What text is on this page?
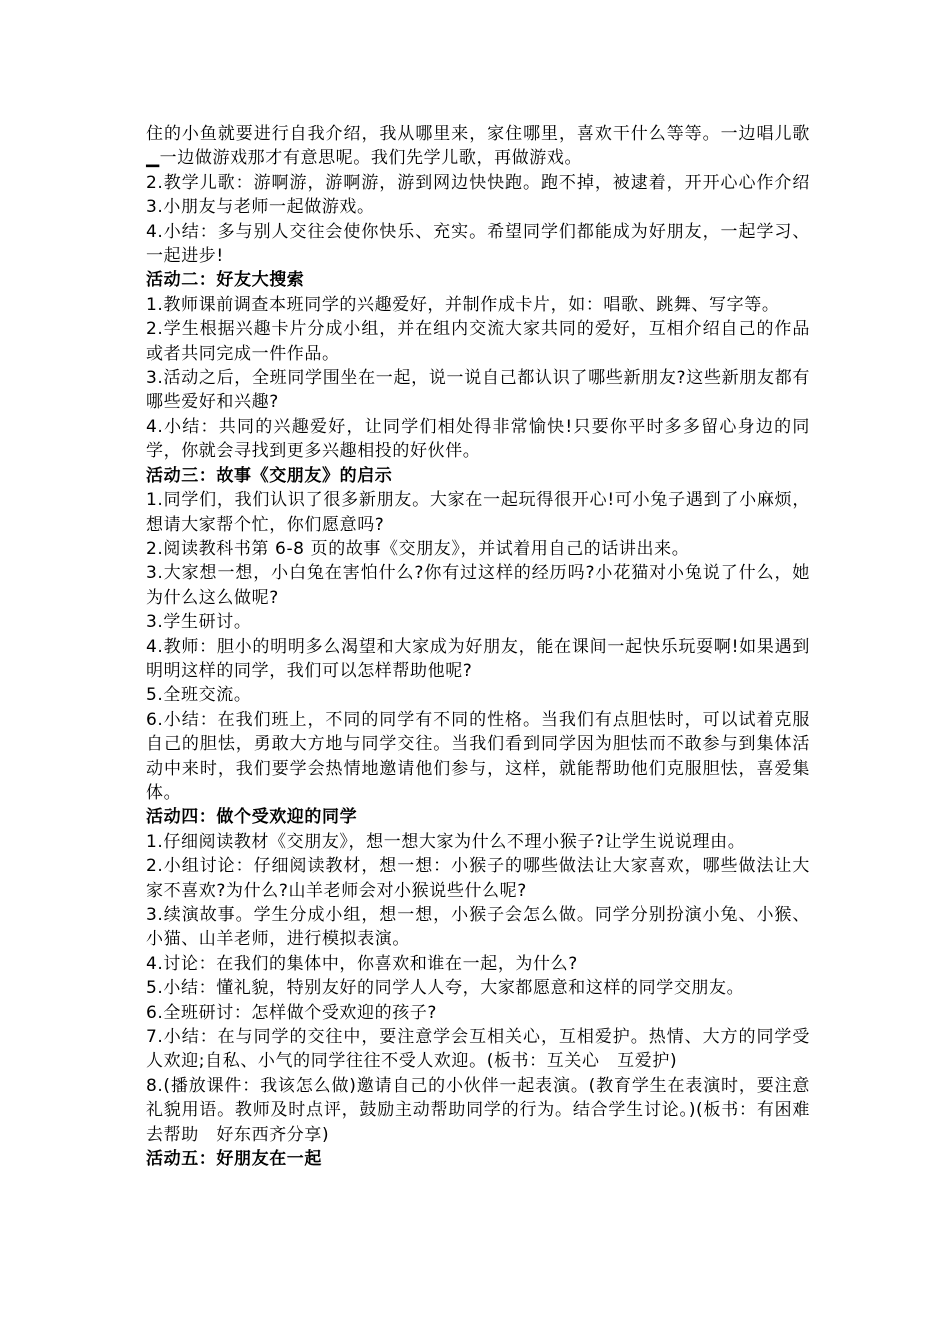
住的小鱼就要进行自我介绍，我从哪里来，家住哪里，喜欢干什么等等。一边唱儿歌▁一边做游戏那才有意思呢。我们先学儿歌，再做游戏。

2.教学儿歌：游啊游，游啊游，游到网边快快跑。跑不掉，被逮着，开开心心作介绍 3.小朋友与老师一起做游戏。

4.小结：多与别人交往会使你快乐、充实。希望同学们都能成为好朋友，一起学习、一起进步!

活动二：好友大搜索

1.教师课前调查本班同学的兴趣爱好，并制作成卡片，如：唱歌、跳舞、写字等。

2.学生根据兴趣卡片分成小组，并在组内交流大家共同的爱好，互相介绍自己的作品或者共同完成一件作品。

3.活动之后，全班同学围坐在一起，说一说自己都认识了哪些新朋友?这些新朋友都有哪些爱好和兴趣?

4.小结：共同的兴趣爱好，让同学们相处得非常愉快!只要你平时多多留心身边的同学，你就会寻找到更多兴趣相投的好伙伴。

活动三：故事《交朋友》的启示

1.同学们，我们认识了很多新朋友。大家在一起玩得很开心!可小兔子遇到了小麻烦，想请大家帮个忙，你们愿意吗?

2.阅读教科书第 6-8 页的故事《交朋友》，并试着用自己的话讲出来。

3.大家想一想，小白兔在害怕什么?你有过这样的经历吗?小花猫对小兔说了什么，她为什么这么做呢?

3.学生研讨。

4.教师：胆小的明明多么渴望和大家成为好朋友，能在课间一起快乐玩耍啊!如果遇到明明这样的同学，我们可以怎样帮助他呢?

5.全班交流。

6.小结：在我们班上，不同的同学有不同的性格。当我们有点胆怯时，可以试着克服自己的胆怯，勇敢大方地与同学交往。当我们看到同学因为胆怯而不敢参与到集体活动中来时，我们要学会热情地邀请他们参与，这样，就能帮助他们克服胆怯，喜爱集体。

活动四：做个受欢迎的同学

1.仔细阅读教材《交朋友》，想一想大家为什么不理小猴子?让学生说说理由。

2.小组讨论：仔细阅读教材，想一想：小猴子的哪些做法让大家喜欢，哪些做法让大家不喜欢?为什么?山羊老师会对小猴说些什么呢?

3.续演故事。学生分成小组，想一想，小猴子会怎么做。同学分别扮演小兔、小猴、小猫、山羊老师，进行模拟表演。

4.讨论：在我们的集体中，你喜欢和谁在一起，为什么?

5.小结：懂礼貌，特别友好的同学人人夸，大家都愿意和这样的同学交朋友。

6.全班研讨：怎样做个受欢迎的孩子?

7.小结：在与同学的交往中，要注意学会互相关心，互相爱护。热情、大方的同学受人欢迎;自私、小气的同学往往不受人欢迎。(板书：互关心　互爱护)

8.(播放课件：我该怎么做)邀请自己的小伙伴一起表演。(教育学生在表演时，要注意礼貌用语。教师及时点评，鼓励主动帮助同学的行为。结合学生讨论。)(板书：有困难去帮助　好东西齐分享)

活动五：好朋友在一起
